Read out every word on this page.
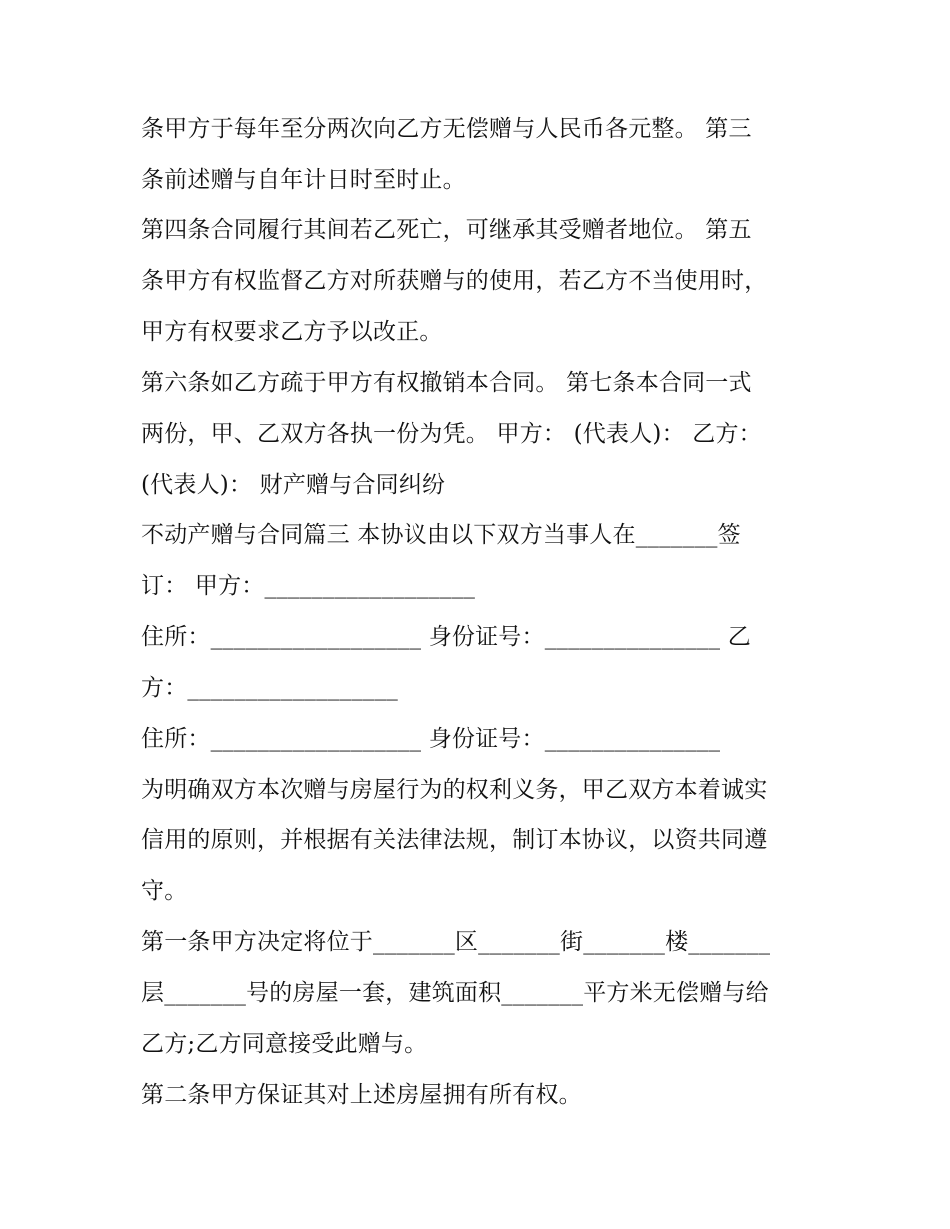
条甲方于每年至分两次向乙方无偿赠与人民币各元整。 第三
条前述赠与自年计日时至时止。
第四条合同履行其间若乙死亡，可继承其受赠者地位。 第五
条甲方有权监督乙方对所获赠与的使用，若乙方不当使用时，
甲方有权要求乙方予以改正。
第六条如乙方疏于甲方有权撤销本合同。 第七条本合同一式
两份，甲、乙双方各执一份为凭。 甲方： (代表人)： 乙方：
(代表人)： 财产赠与合同纠纷
不动产赠与合同篇三 本协议由以下双方当事人在_______签
订： 甲方：__________________
住所：__________________ 身份证号：_______________ 乙
方：__________________
住所：__________________ 身份证号：_______________
为明确双方本次赠与房屋行为的权利义务，甲乙双方本着诚实
信用的原则，并根据有关法律法规，制订本协议，以资共同遵
守。
第一条甲方决定将位于_______区_______街_______楼_______
层_______号的房屋一套，建筑面积_______平方米无偿赠与给
乙方;乙方同意接受此赠与。
第二条甲方保证其对上述房屋拥有所有权。
